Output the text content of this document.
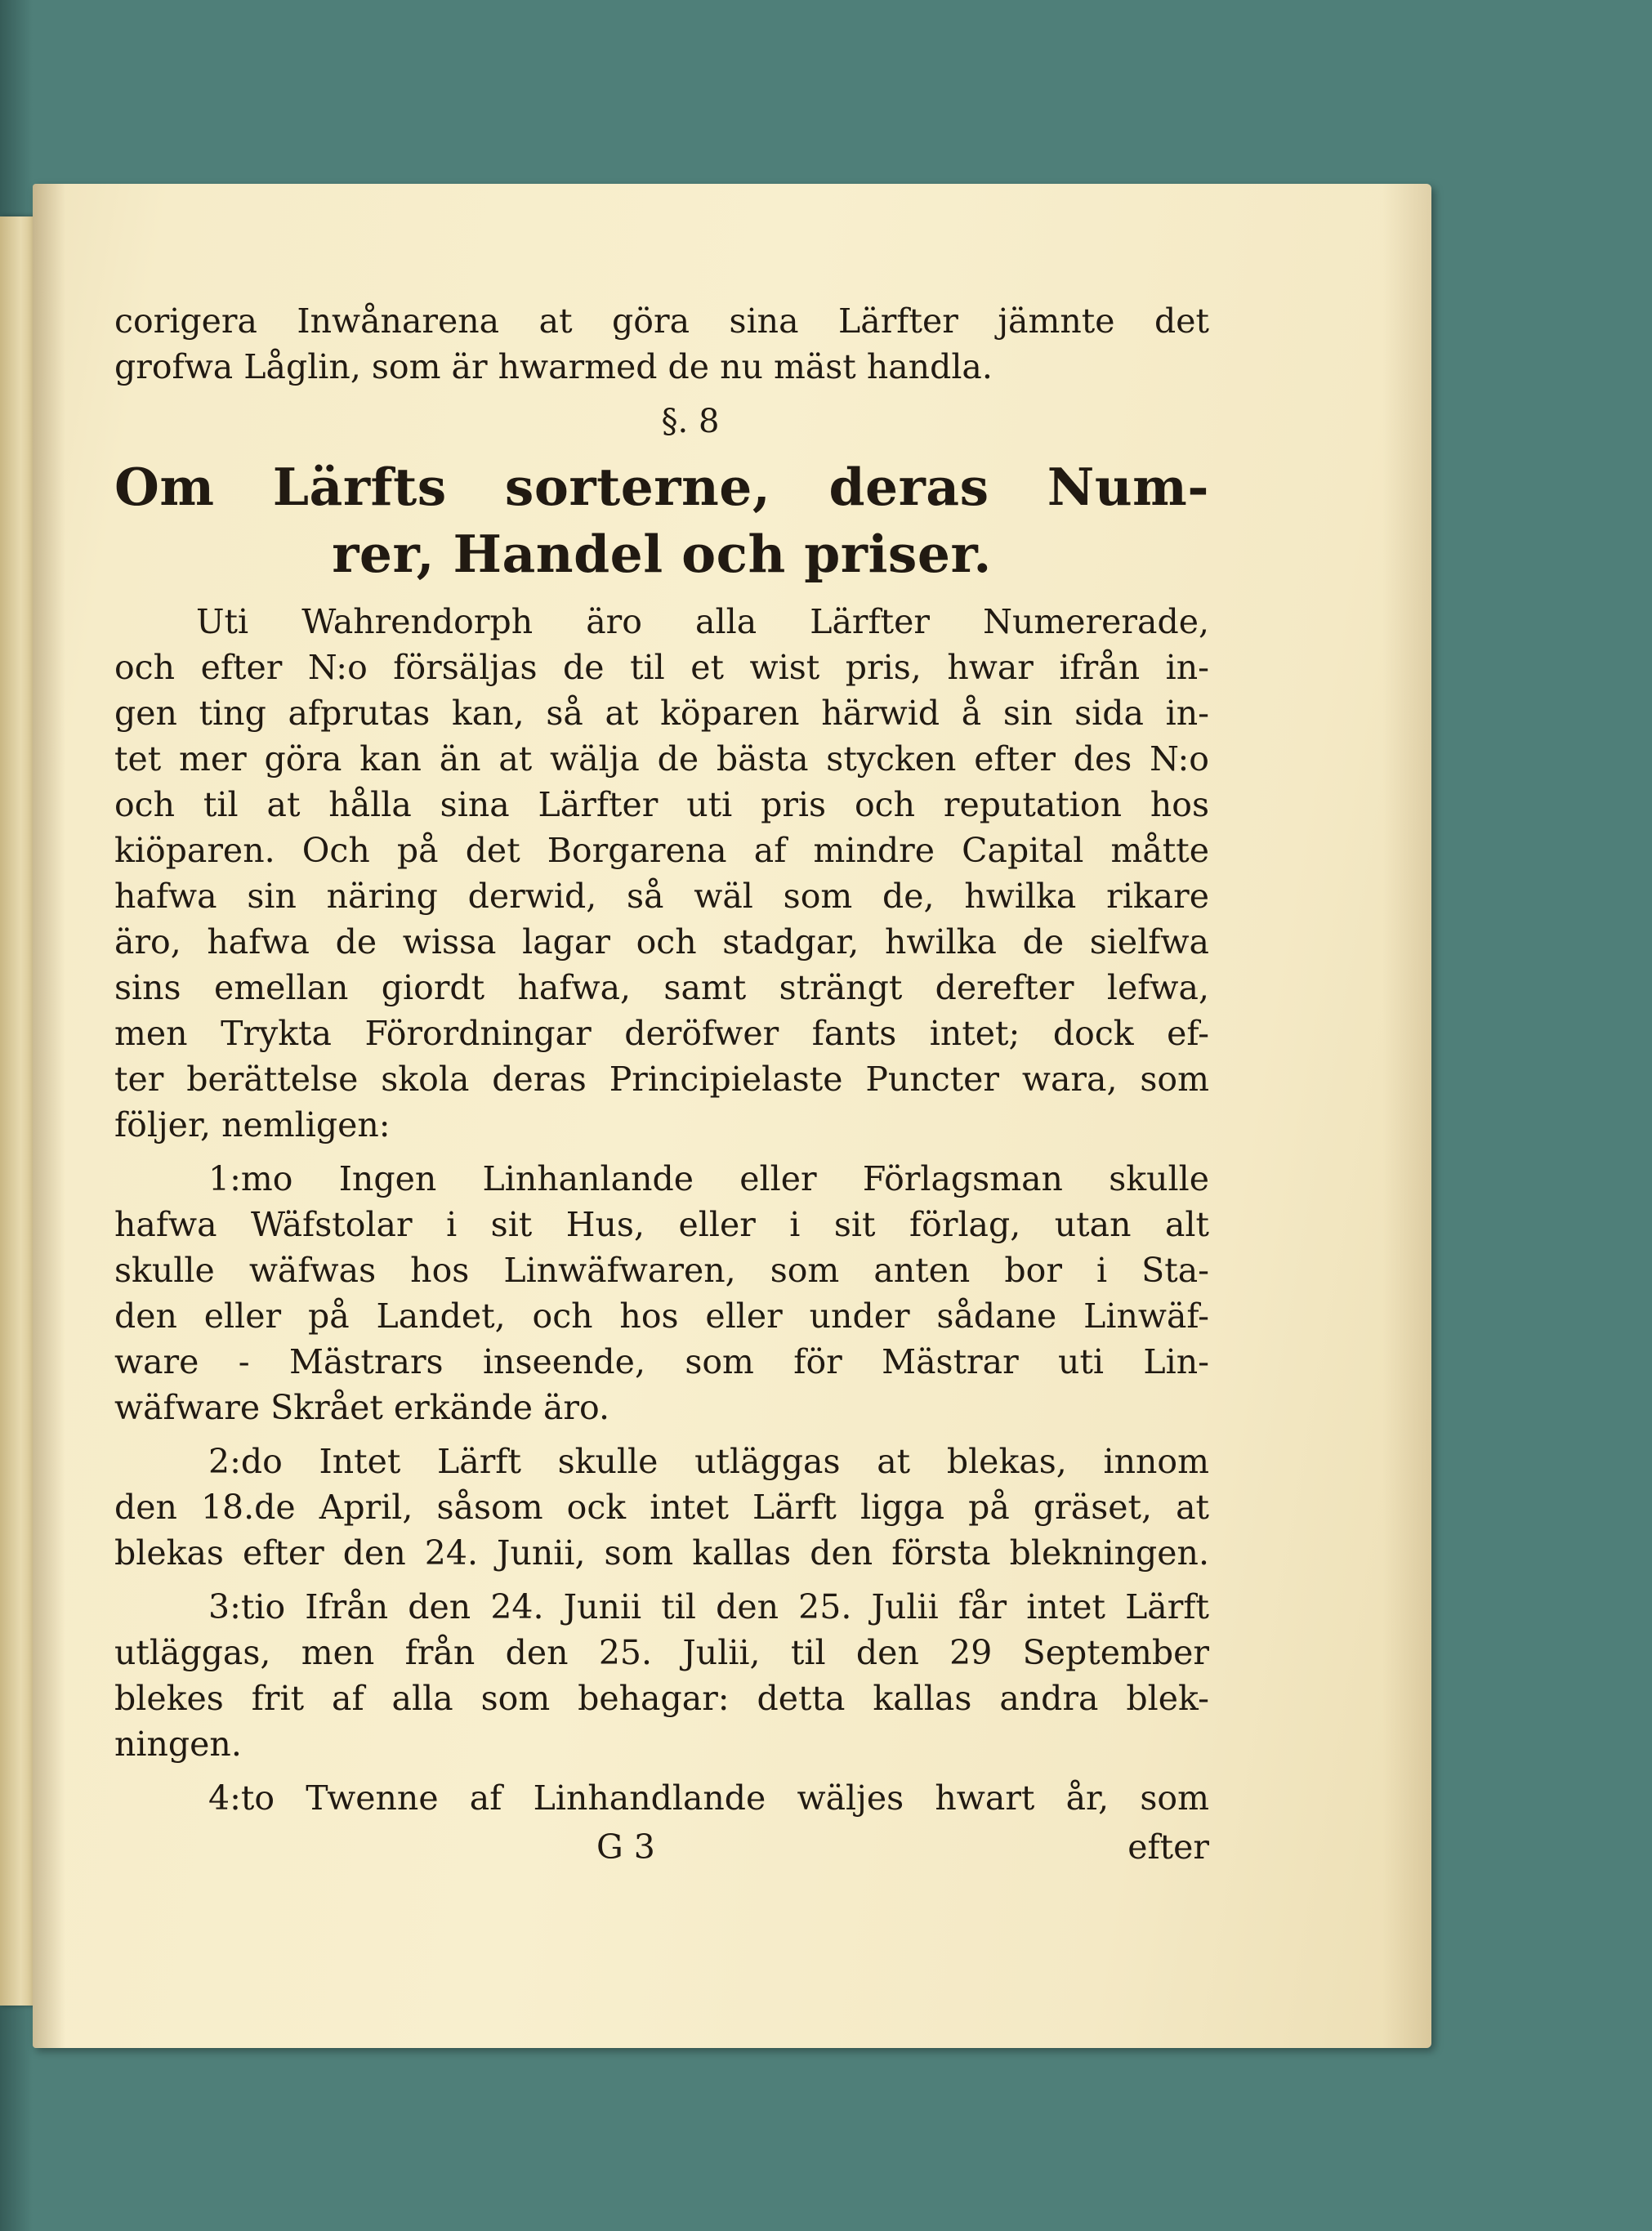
corigera Inwånarena at göra sina Lärfter jämnte det
grofwa Låglin, som är hwarmed de nu mäst handla.
§. 8
Om Lärfts sorterne, deras Num-
rer, Handel och priser.
Uti Wahrendorph äro alla Lärfter Numererade,
och efter N:o försäljas de til et wist pris, hwar ifrån in-
gen ting afprutas kan, så at köparen härwid å sin sida in-
tet mer göra kan än at wälja de bästa stycken efter des N:o
och til at hålla sina Lärfter uti pris och reputation hos
kiöparen. Och på det Borgarena af mindre Capital måtte
hafwa sin näring derwid, så wäl som de, hwilka rikare
äro, hafwa de wissa lagar och stadgar, hwilka de sielfwa
sins emellan giordt hafwa, samt strängt derefter lefwa,
men Trykta Förordningar deröfwer fants intet; dock ef-
ter berättelse skola deras Principielaste Puncter wara, som
följer, nemligen:
1:mo Ingen Linhanlande eller Förlagsman skulle
hafwa Wäfstolar i sit Hus, eller i sit förlag, utan alt
skulle wäfwas hos Linwäfwaren, som anten bor i Sta-
den eller på Landet, och hos eller under sådane Linwäf-
ware - Mästrars inseende, som för Mästrar uti Lin-
wäfware Skrået erkände äro.
2:do Intet Lärft skulle utläggas at blekas, innom
den 18.de April, såsom ock intet Lärft ligga på gräset, at
blekas efter den 24. Junii, som kallas den första blekningen.
3:tio Ifrån den 24. Junii til den 25. Julii får intet Lärft
utläggas, men från den 25. Julii, til den 29 September
blekes frit af alla som behagar: detta kallas andra blek-
ningen.
4:to Twenne af Linhandlande wäljes hwart år, som
G 3	efter
